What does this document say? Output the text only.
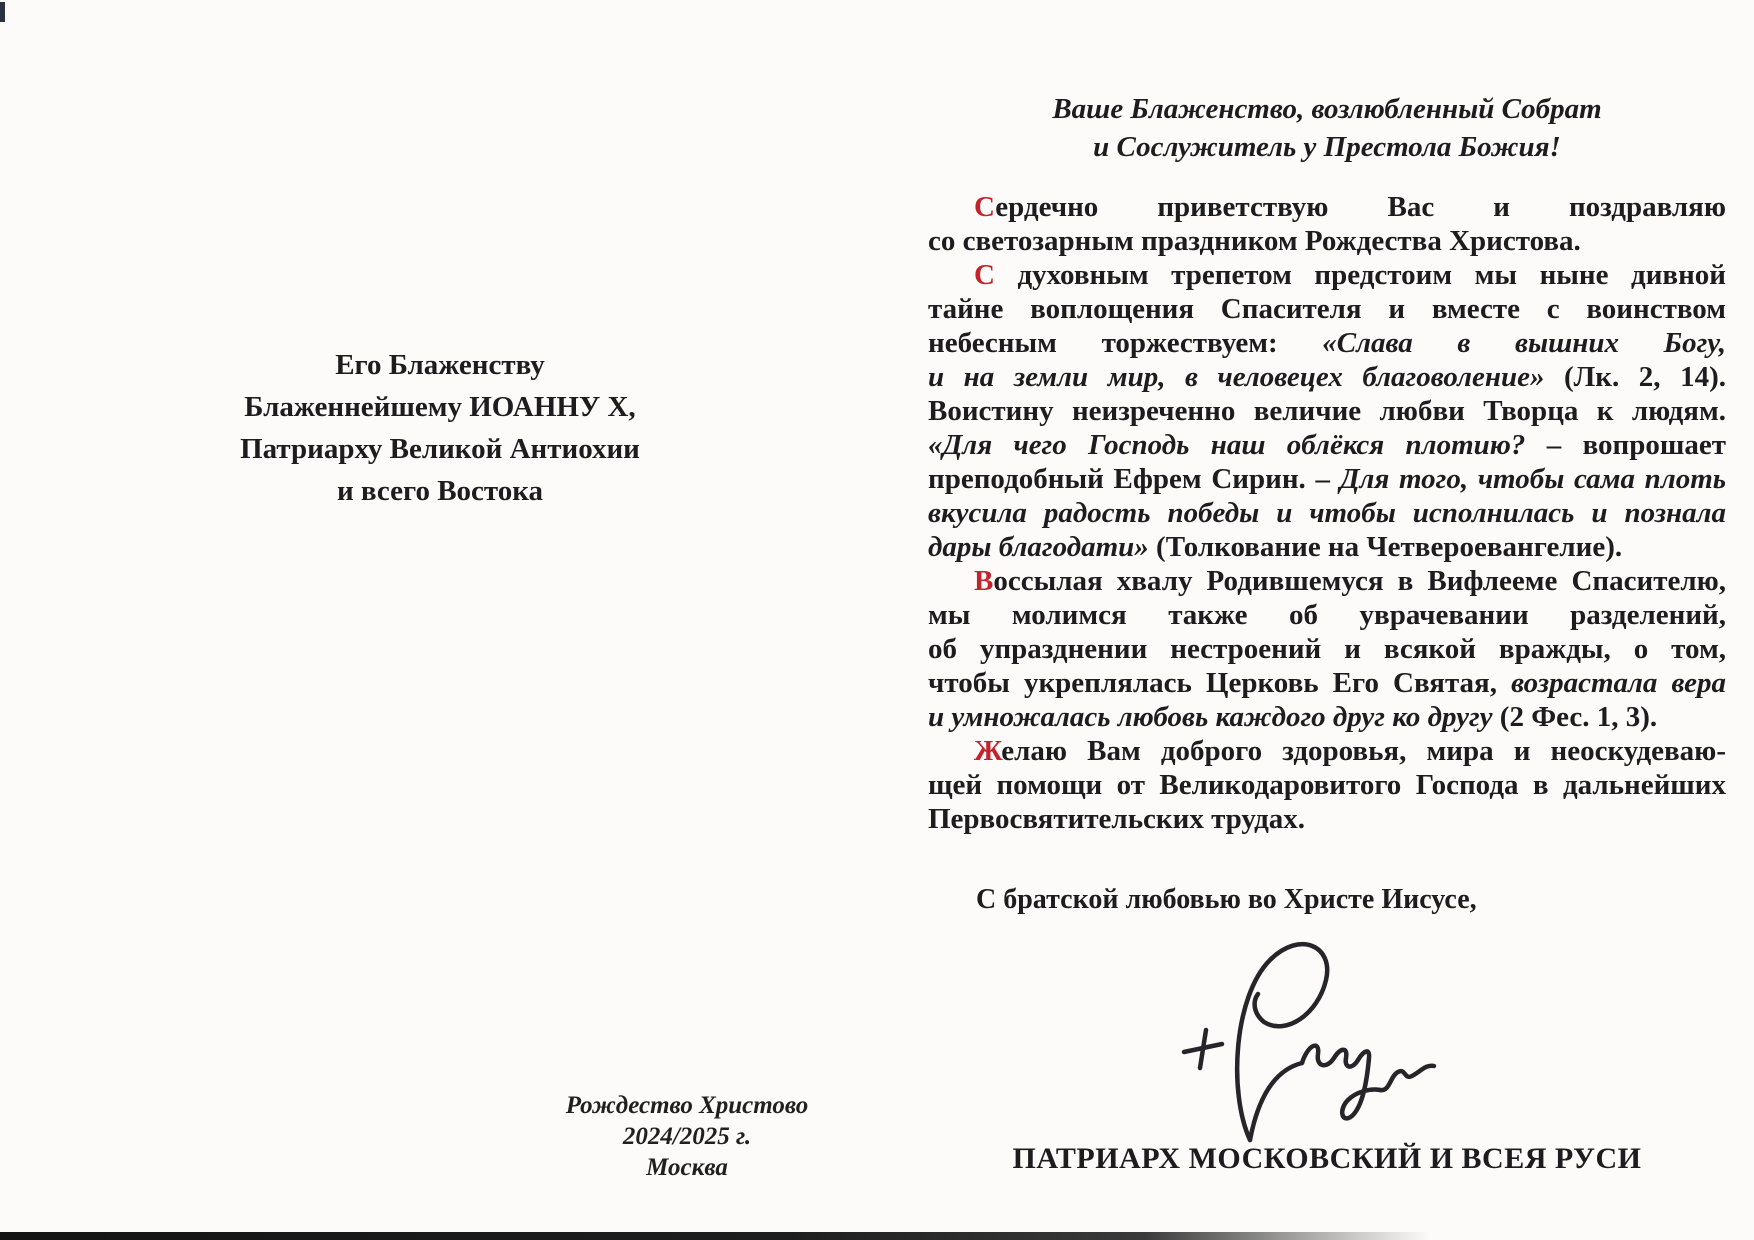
Его Блаженству
Блаженнейшему ИОАННУ X,
Патриарху Великой Антиохии
и всего Востока
Рождество Христово
2024/2025 г.
Москва
Ваше Блаженство, возлюбленный Собрат
и Сослужитель у Престола Божия!
Сердечно приветствую Вас и поздравляю
со светозарным праздником Рождества Христова.
С духовным трепетом предстоим мы ныне дивной
тайне воплощения Спасителя и вместе с воинством
небесным торжествуем: «Слава в вышних Богу,
и на земли мир, в человецех благоволение» (Лк. 2, 14).
Воистину неизреченно величие любви Творца к людям.
«Для чего Господь наш облёкся плотию? – вопрошает
преподобный Ефрем Сирин. – Для того, чтобы сама плоть
вкусила радость победы и чтобы исполнилась и познала
дары благодати» (Толкование на Четвероевангелие).
Воссылая хвалу Родившемуся в Вифлееме Спасителю,
мы молимся также об уврачевании разделений,
об упразднении нестроений и всякой вражды, о том,
чтобы укреплялась Церковь Его Святая, возрастала вера
и умножалась любовь каждого друг ко другу (2 Фес. 1, 3).
Желаю Вам доброго здоровья, мира и неоскудеваю-
щей помощи от Великодаровитого Господа в дальнейших
Первосвятительских трудах.
С братской любовью во Христе Иисусе,
ПАТРИАРХ МОСКОВСКИЙ И ВСЕЯ РУСИ
